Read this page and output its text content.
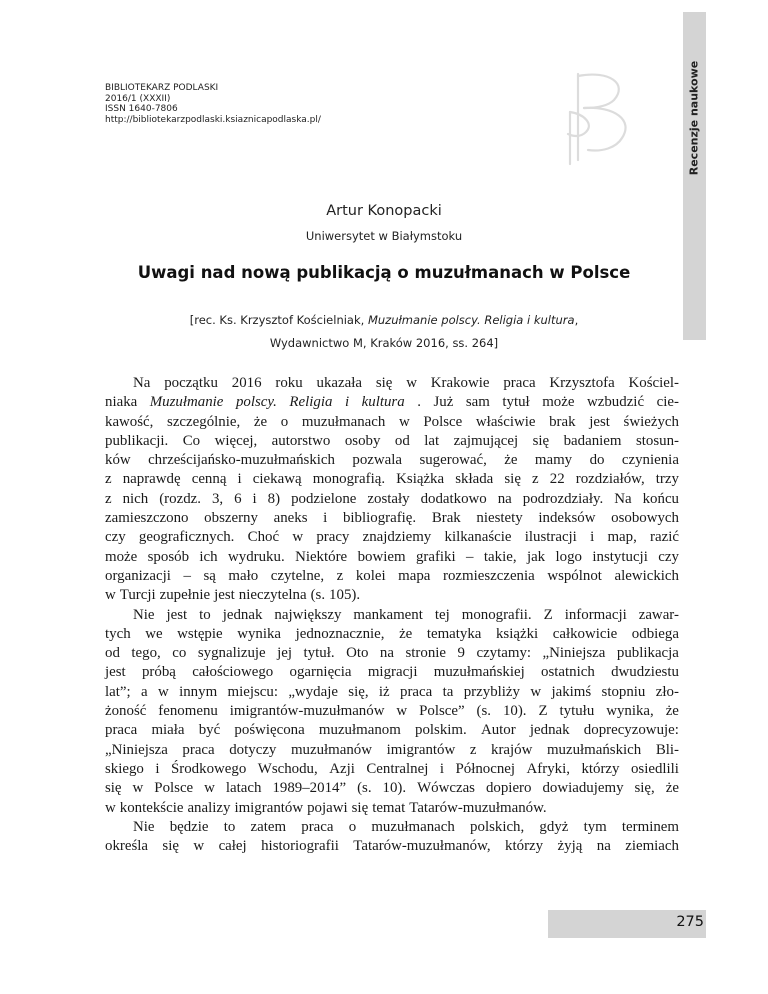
Recenzje naukowe
BIBLIOTEKARZ PODLASKI
2016/1 (XXXII)
ISSN 1640-7806
http://bibliotekarzpodlaski.ksiaznicapodlaska.pl/
Artur Konopacki
Uniwersytet w Białymstoku
Uwagi nad nową publikacją o muzułmanach w Polsce
[rec. Ks. Krzysztof Kościelniak, Muzułmanie polscy. Religia i kultura,
Wydawnictwo M, Kraków 2016, ss. 264]
Na początku 2016 roku ukazała się w Krakowie praca Krzysztofa Kościel-
niaka Muzułmanie polscy. Religia i kultura . Już sam tytuł może wzbudzić cie-
kawość, szczególnie, że o muzułmanach w Polsce właściwie brak jest świeżych
publikacji. Co więcej, autorstwo osoby od lat zajmującej się badaniem stosun-
ków chrześcijańsko-muzułmańskich pozwala sugerować, że mamy do czynienia
z naprawdę cenną i ciekawą monografią. Książka składa się z 22 rozdziałów, trzy
z nich (rozdz. 3, 6 i 8) podzielone zostały dodatkowo na podrozdziały. Na końcu
zamieszczono obszerny aneks i bibliografię. Brak niestety indeksów osobowych
czy geograficznych. Choć w pracy znajdziemy kilkanaście ilustracji i map, razić
może sposób ich wydruku. Niektóre bowiem grafiki – takie, jak logo instytucji czy
organizacji – są mało czytelne, z kolei mapa rozmieszczenia wspólnot alewickich
w Turcji zupełnie jest nieczytelna (s. 105).
Nie jest to jednak największy mankament tej monografii. Z informacji zawar-
tych we wstępie wynika jednoznacznie, że tematyka książki całkowicie odbiega
od tego, co sygnalizuje jej tytuł. Oto na stronie 9 czytamy: „Niniejsza publikacja
jest próbą całościowego ogarnięcia migracji muzułmańskiej ostatnich dwudziestu
lat”; a w innym miejscu: „wydaje się, iż praca ta przybliży w jakimś stopniu zło-
żoność fenomenu imigrantów-muzułmanów w Polsce” (s. 10). Z tytułu wynika, że
praca miała być poświęcona muzułmanom polskim. Autor jednak doprecyzowuje:
„Niniejsza praca dotyczy muzułmanów imigrantów z krajów muzułmańskich Bli-
skiego i Środkowego Wschodu, Azji Centralnej i Północnej Afryki, którzy osiedlili
się w Polsce w latach 1989–2014” (s. 10). Wówczas dopiero dowiadujemy się, że
w kontekście analizy imigrantów pojawi się temat Tatarów-muzułmanów.
Nie będzie to zatem praca o muzułmanach polskich, gdyż tym terminem
określa się w całej historiografii Tatarów-muzułmanów, którzy żyją na ziemiach
275
